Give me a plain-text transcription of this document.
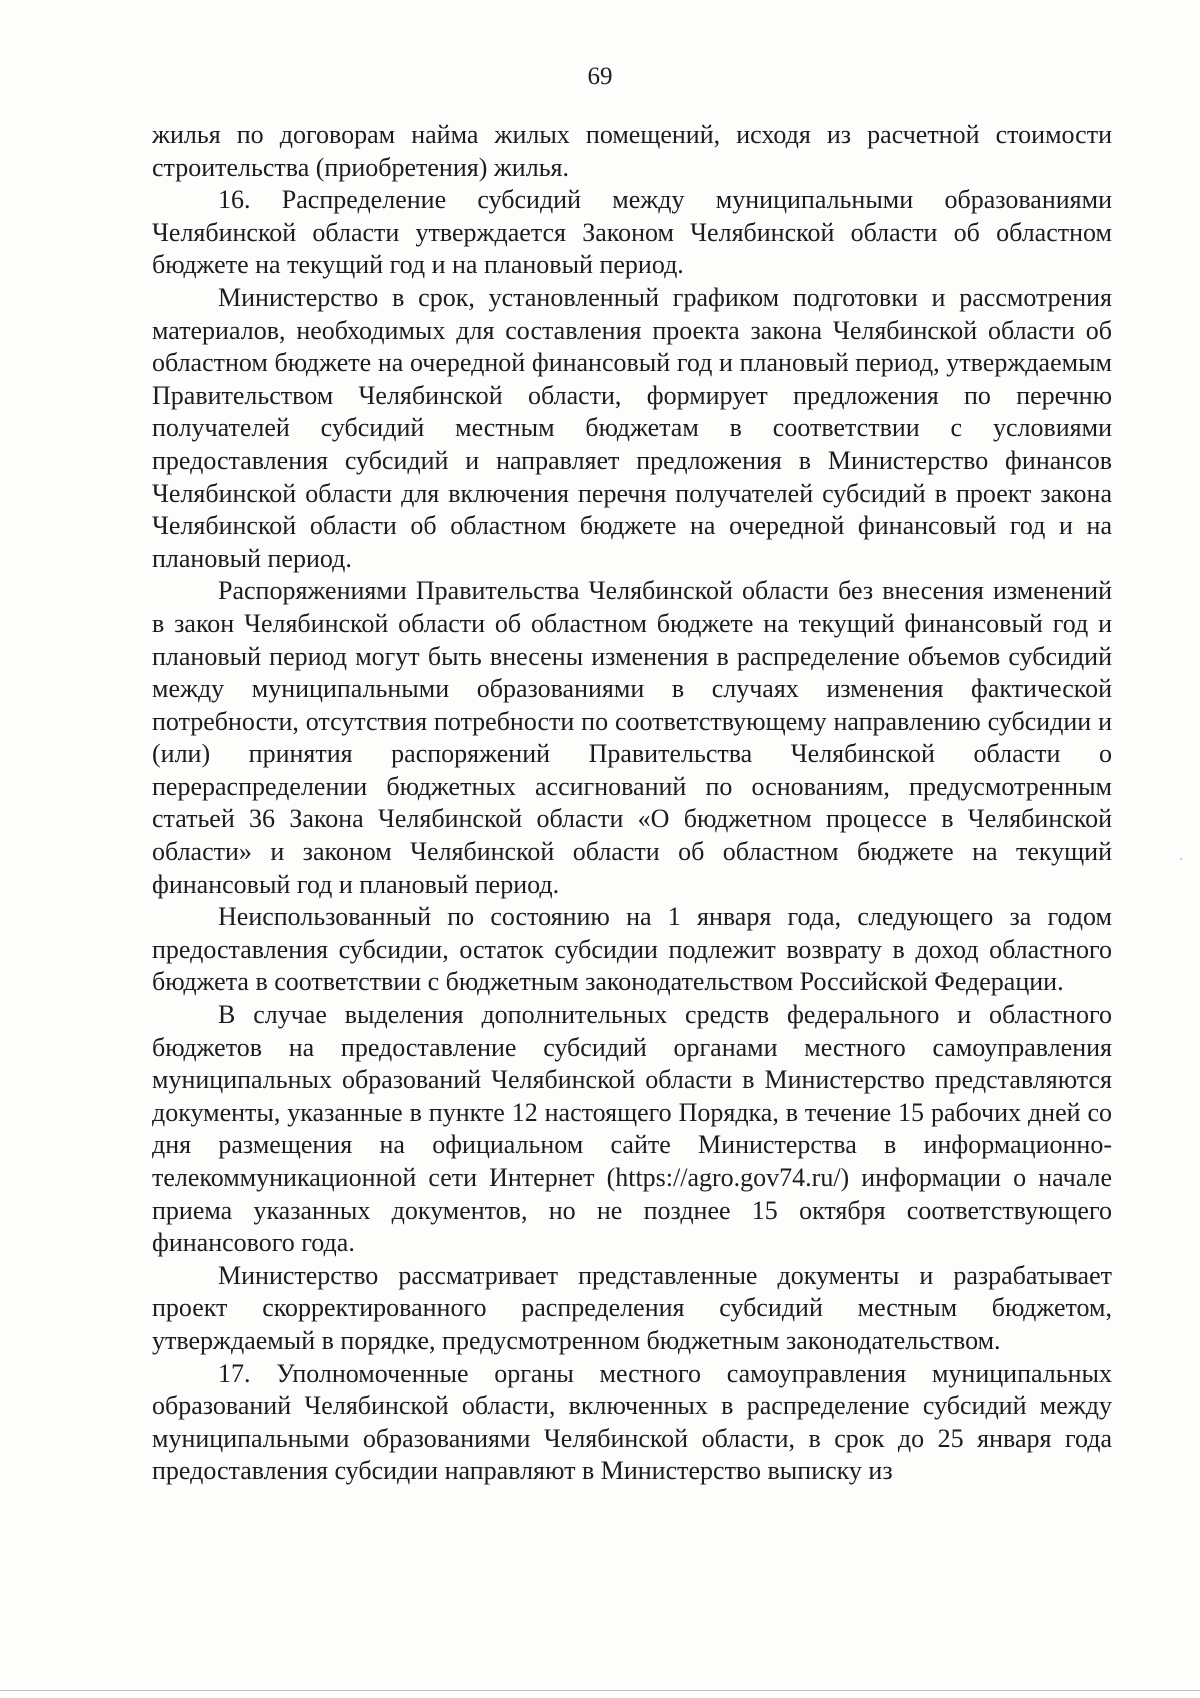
69

жилья по договорам найма жилых помещений, исходя из расчетной стоимости строительства (приобретения) жилья.

16. Распределение субсидий между муниципальными образованиями Челябинской области утверждается Законом Челябинской области об областном бюджете на текущий год и на плановый период.

Министерство в срок, установленный графиком подготовки и рассмотрения материалов, необходимых для составления проекта закона Челябинской области об областном бюджете на очередной финансовый год и плановый период, утверждаемым Правительством Челябинской области, формирует предложения по перечню получателей субсидий местным бюджетам в соответствии с условиями предоставления субсидий и направляет предложения в Министерство финансов Челябинской области для включения перечня получателей субсидий в проект закона Челябинской области об областном бюджете на очередной финансовый год и на плановый период.

Распоряжениями Правительства Челябинской области без внесения изменений в закон Челябинской области об областном бюджете на текущий финансовый год и плановый период могут быть внесены изменения в распределение объемов субсидий между муниципальными образованиями в случаях изменения фактической потребности, отсутствия потребности по соответствующему направлению субсидии и (или) принятия распоряжений Правительства Челябинской области о перераспределении бюджетных ассигнований по основаниям, предусмотренным статьей 36 Закона Челябинской области «О бюджетном процессе в Челябинской области» и законом Челябинской области об областном бюджете на текущий финансовый год и плановый период.

Неиспользованный по состоянию на 1 января года, следующего за годом предоставления субсидии, остаток субсидии подлежит возврату в доход областного бюджета в соответствии с бюджетным законодательством Российской Федерации.

В случае выделения дополнительных средств федерального и областного бюджетов на предоставление субсидий органами местного самоуправления муниципальных образований Челябинской области в Министерство представляются документы, указанные в пункте 12 настоящего Порядка, в течение 15 рабочих дней со дня размещения на официальном сайте Министерства в информационно-телекоммуникационной сети Интернет (https://agro.gov74.ru/) информации о начале приема указанных документов, но не позднее 15 октября соответствующего финансового года.

Министерство рассматривает представленные документы и разрабатывает проект скорректированного распределения субсидий местным бюджетом, утверждаемый в порядке, предусмотренном бюджетным законодательством.

17. Уполномоченные органы местного самоуправления муниципальных образований Челябинской области, включенных в распределение субсидий между муниципальными образованиями Челябинской области, в срок до 25 января года предоставления субсидии направляют в Министерство выписку из
